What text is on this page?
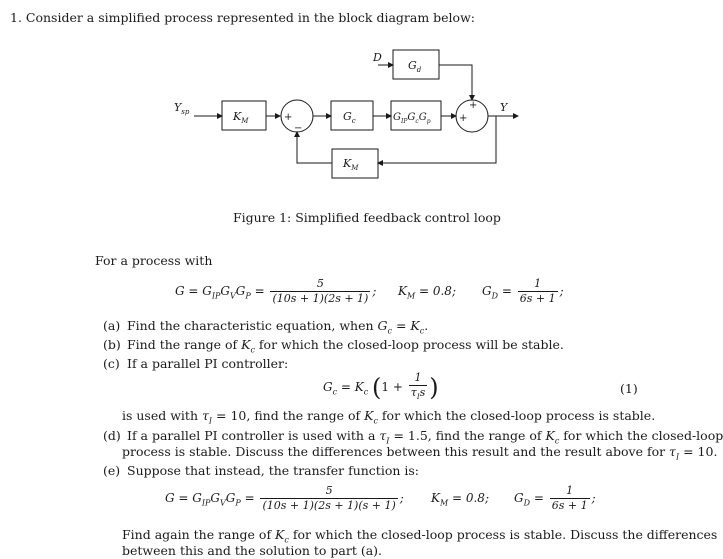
1. Consider a simplified process represented in the block diagram below:
$Y_{sp}$	$K_M$	$G_c$	$G_{IP}G_cG_p$
$G_d$
D
Y
$K_M$
+
−
+
+
Figure 1: Simplified feedback control loop
For a process with
$G = G_{IP}G_VG_P = \frac{5}{(10s + 1)(2s + 1)}$ ; $K_M = 0.8$; $G_D = \frac{1}{6s + 1}$ ;
(a) Find the characteristic equation, when $G_c = K_c$.
(b) Find the range of $K_c$ for which the closed-loop process will be stable.
(c) If a parallel PI controller:
$G_c = K_c$ ($1 + \frac{1}{\tau_Is}$ )	(1)
is used with $\tau_I = 10$, find the range of $K_c$ for which the closed-loop process is stable.
(d) If a parallel PI controller is used with a $\tau_I = 1.5$, find the range of $K_c$ for which the closed-loop
process is stable. Discuss the differences between this result and the result above for $\tau_I = 10$.
(e) Suppose that instead, the transfer function is:
$G = G_{IP}G_VG_P = \frac{5}{(10s + 1)(2s + 1)(s + 1)}$ ; $K_M = 0.8$; $G_D = \frac{1}{6s + 1}$ ;
Find again the range of $K_c$ for which the closed-loop process is stable. Discuss the differences
between this and the solution to part (a).
